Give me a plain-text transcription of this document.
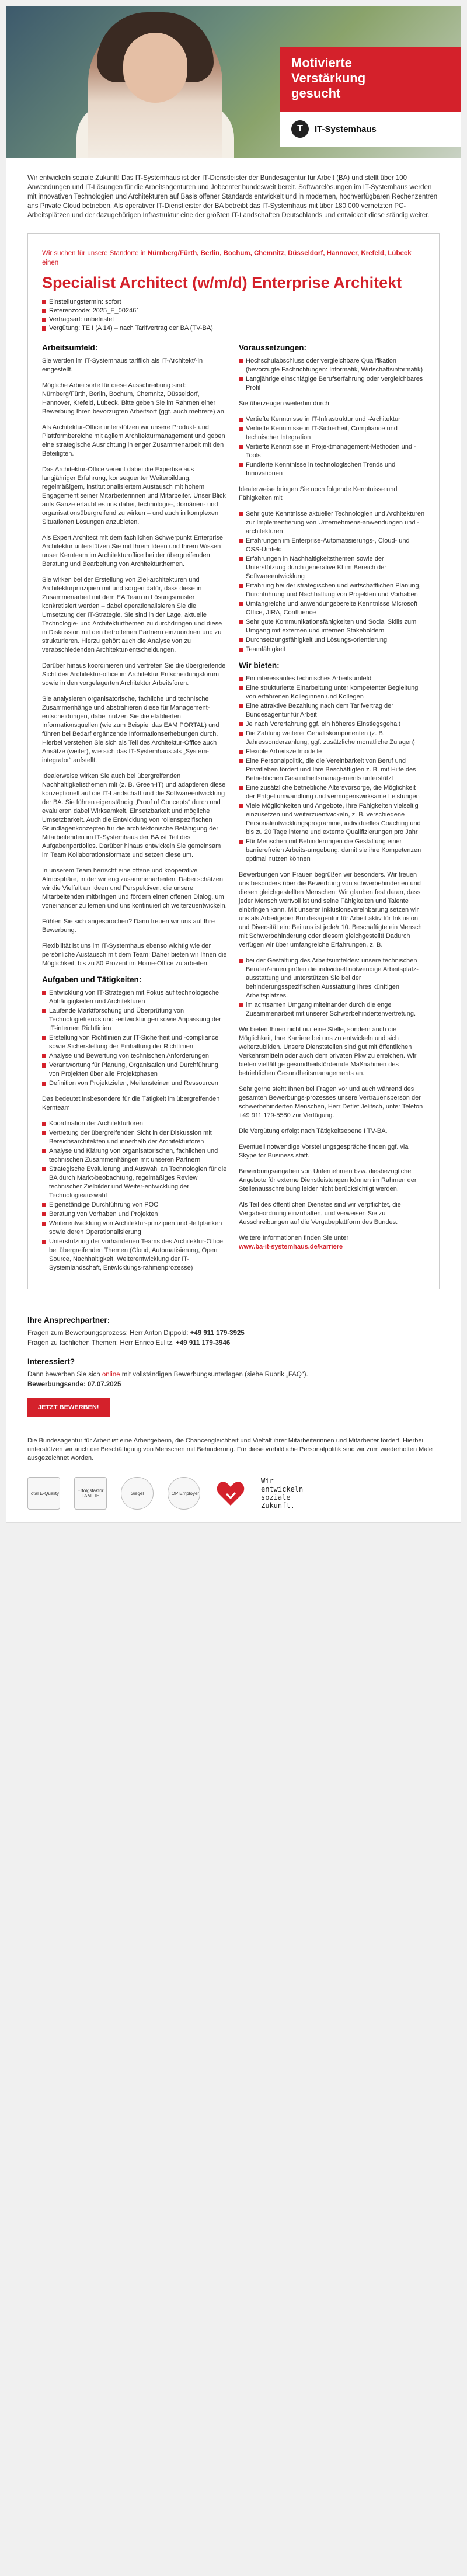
Motivierte
Verstärkung
gesucht
T	IT-Systemhaus
Wir entwickeln soziale Zukunft! Das IT-Systemhaus ist der IT-Dienstleister der Bundesagentur für Arbeit (BA) und stellt über 100 Anwendungen und IT-Lösungen für die Arbeitsagenturen und Jobcenter bundesweit bereit. Softwarelösungen im IT-Systemhaus werden mit innovativen Technologien und Architekturen auf Basis offener Standards entwickelt und in modernen, hochverfügbaren Rechenzentren ans Private Cloud betrieben. Als operativer IT-Dienstleister der BA betreibt das IT-Systemhaus mit über 180.000 vernetzten PC-Arbeitsplätzen und der dazugehörigen Infrastruktur eine der größten IT-Landschaften Deutschlands und entwickelt diese ständig weiter.
Wir suchen für unsere Standorte in Nürnberg/Fürth, Berlin, Bochum, Chemnitz, Düsseldorf, Hannover, Krefeld, Lübeck einen
Specialist Architect (w/m/d) Enterprise Architekt
Einstellungstermin: sofort
Referenzcode: 2025_E_002461
Vertragsart: unbefristet
Vergütung: TE I (A 14) – nach Tarifvertrag der BA (TV-BA)
Arbeitsumfeld:

Sie werden im IT-Systemhaus tariflich als IT-Architekt/-in eingestellt.

Mögliche Arbeitsorte für diese Ausschreibung sind: Nürnberg/Fürth, Berlin, Bochum, Chemnitz, Düsseldorf, Hannover, Krefeld, Lübeck. Bitte geben Sie im Rahmen einer Bewerbung Ihren bevorzugten Arbeitsort (ggf. auch mehrere) an.

Als Architektur-Office unterstützen wir unsere Produkt- und Plattformbereiche mit agilem Architekturmanagement und geben eine strategische Ausrichtung in enger Zusammenarbeit mit den Beteiligten.

Das Architektur-Office vereint dabei die Expertise aus langjähriger Erfahrung, konsequenter Weiterbildung, regelmäßigem, institutionalisiertem Austausch mit hohem Engagement seiner Mitarbeiterinnen und Mitarbeiter. Unser Blick aufs Ganze erlaubt es uns dabei, technologie-, domänen- und organisationsübergreifend zu wirken – und auch in komplexen Situationen Lösungen anzubieten.

Als Expert Architect mit dem fachlichen Schwerpunkt Enterprise Architektur unterstützen Sie mit Ihrem Ideen und Ihrem Wissen unser Kernteam im Architekturoffice bei der übergreifenden Beratung und Bearbeitung von Architekturthemen.

Sie wirken bei der Erstellung von Ziel-architekturen und Architekturprinzipien mit und sorgen dafür, dass diese in Zusammenarbeit mit dem EA Team in Lösungsmuster konkretisiert werden – dabei operationalisieren Sie die Umsetzung der IT-Strategie. Sie sind in der Lage, aktuelle Technologie- und Architekturthemen zu durchdringen und diese in Diskussion mit den betroffenen Partnern einzuordnen und zu strukturieren. Hierzu gehört auch die Analyse von zu verabschiedenden Architektur-entscheidungen.

Darüber hinaus koordinieren und vertreten Sie die übergreifende Sicht des Architektur-office im Architektur Entscheidungsforum sowie in den vorgelagerten Architektur Arbeitsforen.

Sie analysieren organisatorische, fachliche und technische Zusammenhänge und abstrahieren diese für Management-entscheidungen, dabei nutzen Sie die etablierten Informationsquellen (wie zum Beispiel das EAM PORTAL) und führen bei Bedarf ergänzende Informationserhebungen durch. Hierbei verstehen Sie sich als Teil des Architektur-Office auch Ansätze (weiter), wie sich das IT-Systemhaus als „System-integrator“ aufstellt.

Idealerweise wirken Sie auch bei übergreifenden Nachhaltigkeitsthemen mit (z. B. Green-IT) und adaptieren diese konzeptionell auf die IT-Landschaft und die Softwareentwicklung der BA. Sie führen eigenständig „Proof of Concepts“ durch und evaluieren dabei Wirksamkeit, Einsetzbarkeit und mögliche Umsetzbarkeit. Auch die Entwicklung von rollenspezifischen Grundlagenkonzepten für die architektonische Befähigung der Mitarbeitenden im IT-Systemhaus der BA ist Teil des Aufgabenportfolios. Darüber hinaus entwickeln Sie gemeinsam im Team Kollaborationsformate und setzen diese um.

In unserem Team herrscht eine offene und kooperative Atmosphäre, in der wir eng zusammenarbeiten. Dabei schätzen wir die Vielfalt an Ideen und Perspektiven, die unsere Mitarbeitenden mitbringen und fördern einen offenen Dialog, um voneinander zu lernen und uns kontinuierlich weiterzuentwickeln.

Fühlen Sie sich angesprochen? Dann freuen wir uns auf Ihre Bewerbung.

Flexibilität ist uns im IT-Systemhaus ebenso wichtig wie der persönliche Austausch mit dem Team: Daher bieten wir Ihnen die Möglichkeit, bis zu 80 Prozent im Home-Office zu arbeiten.

Aufgaben und Tätigkeiten:
Entwicklung von IT-Strategien mit Fokus auf technologische Abhängigkeiten und Architekturen
Laufende Marktforschung und Überprüfung von Technologietrends und -entwicklungen sowie Anpassung der IT-internen Richtlinien
Erstellung von Richtlinien zur IT-Sicherheit und -compliance sowie Sicherstellung der Einhaltung der Richtlinien
Analyse und Bewertung von technischen Anforderungen
Verantwortung für Planung, Organisation und Durchführung von Projekten über alle Projektphasen
Definition von Projektzielen, Meilensteinen und Ressourcen

Das bedeutet insbesondere für die Tätigkeit im übergreifenden Kernteam

Koordination der Architekturforen
Vertretung der übergreifenden Sicht in der Diskussion mit Bereichsarchitekten und innerhalb der Architekturforen
Analyse und Klärung von organisatorischen, fachlichen und technischen Zusammenhängen mit unseren Partnern
Strategische Evaluierung und Auswahl an Technologien für die BA durch Markt-beobachtung, regelmäßiges Review technischer Zielbilder und Weiter-entwicklung der Technologieauswahl
Eigenständige Durchführung von POC
Beratung von Vorhaben und Projekten
Weiterentwicklung von Architektur-prinzipien und -leitplanken sowie deren Operationalisierung
Unterstützung der vorhandenen Teams des Architektur-Office bei übergreifenden Themen (Cloud, Automatisierung, Open Source, Nachhaltigkeit, Weiterentwicklung der IT-Systemlandschaft, Entwicklungs-rahmenprozesse)
Voraussetzungen:
Hochschulabschluss oder vergleichbare Qualifikation (bevorzugte Fachrichtungen: Informatik, Wirtschaftsinformatik)
Langjährige einschlägige Berufserfahrung oder vergleichbares Profil

Sie überzeugen weiterhin durch

Vertiefte Kenntnisse in IT-Infrastruktur und -Architektur
Vertiefte Kenntnisse in IT-Sicherheit, Compliance und technischer Integration
Vertiefte Kenntnisse in Projektmanagement-Methoden und -Tools
Fundierte Kenntnisse in technologischen Trends und Innovationen

Idealerweise bringen Sie noch folgende Kenntnisse und Fähigkeiten mit

Sehr gute Kenntnisse aktueller Technologien und Architekturen zur Implementierung von Unternehmens-anwendungen und -architekturen
Erfahrungen im Enterprise-Automatisierungs-, Cloud- und OSS-Umfeld
Erfahrungen in Nachhaltigkeitsthemen sowie der Unterstützung durch generative KI im Bereich der Softwareentwicklung
Erfahrung bei der strategischen und wirtschaftlichen Planung, Durchführung und Nachhaltung von Projekten und Vorhaben
Umfangreiche und anwendungsbereite Kenntnisse Microsoft Office, JIRA, Confluence
Sehr gute Kommunikationsfähigkeiten und Social Skills zum Umgang mit externen und internen Stakeholdern
Durchsetzungsfähigkeit und Lösungs-orientierung
Teamfähigkeit
Wir bieten:
Ein interessantes technisches Arbeitsumfeld
Eine strukturierte Einarbeitung unter kompetenter Begleitung von erfahrenen Kolleginnen und Kollegen
Eine attraktive Bezahlung nach dem Tarifvertrag der Bundesagentur für Arbeit
Je nach Vorerfahrung ggf. ein höheres Einstiegsgehalt
Die Zahlung weiterer Gehaltskomponenten (z. B. Jahressonderzahlung, ggf. zusätzliche monatliche Zulagen)
Flexible Arbeitszeitmodelle
Eine Personalpolitik, die die Vereinbarkeit von Beruf und Privatleben fördert und Ihre Beschäftigten z. B. mit Hilfe des Betrieblichen Gesundheitsmanagements unterstützt
Eine zusätzliche betriebliche Altersvorsorge, die Möglichkeit der Entgeltumwandlung und vermögenswirksame Leistungen
Viele Möglichkeiten und Angebote, Ihre Fähigkeiten vielseitig einzusetzen und weiterzuentwickeln, z. B. verschiedene Personalentwicklungsprogramme, individuelles Coaching und bis zu 20 Tage interne und externe Qualifizierungen pro Jahr
Für Menschen mit Behinderungen die Gestaltung einer barrierefreien Arbeits-umgebung, damit sie ihre Kompetenzen optimal nutzen können

Bewerbungen von Frauen begrüßen wir besonders. Wir freuen uns besonders über die Bewerbung von schwerbehinderten und diesen gleichgestellten Menschen: Wir glauben fest daran, dass jeder Mensch wertvoll ist und seine Fähigkeiten und Talente einbringen kann. Mit unserer Inklusionsvereinbarung setzen wir uns als Arbeitgeber Bundesagentur für Arbeit aktiv für Inklusion und Diversität ein: Bei uns ist jede/r 10. Beschäftigte ein Mensch mit Schwerbehinderung oder diesem gleichgestellt! Dadurch verfügen wir über umfangreiche Erfahrungen, z. B.

bei der Gestaltung des Arbeitsumfeldes: unsere technischen Berater/-innen prüfen die individuell notwendige Arbeitsplatz-ausstattung und unterstützen Sie bei der behinderungsspezifischen Ausstattung Ihres künftigen Arbeitsplatzes.
im achtsamen Umgang miteinander durch die enge Zusammenarbeit mit unserer Schwerbehindertenvertretung.

Wir bieten Ihnen nicht nur eine Stelle, sondern auch die Möglichkeit, Ihre Karriere bei uns zu entwickeln und sich weiterzubilden. Unsere Dienststellen sind gut mit öffentlichen Verkehrsmitteln oder auch dem privaten Pkw zu erreichen. Wir bieten vielfältige gesundheitsfördernde Maßnahmen des betrieblichen Gesundheitsmanagements an.

Sehr gerne steht Ihnen bei Fragen vor und auch während des gesamten Bewerbungs-prozesses unsere Vertrauensperson der schwerbehinderten Menschen, Herr Detlef Jelitsch, unter Telefon +49 911 179-5580 zur Verfügung.

Die Vergütung erfolgt nach Tätigkeitsebene I TV-BA.

Eventuell notwendige Vorstellungsgespräche finden ggf. via Skype for Business statt.

Bewerbungsangaben von Unternehmen bzw. diesbezügliche Angebote für externe Dienstleistungen können im Rahmen der Stellenausschreibung leider nicht berücksichtigt werden.

Als Teil des öffentlichen Dienstes sind wir verpflichtet, die Vergabeordnung einzuhalten, und verweisen Sie zu Ausschreibungen auf die Vergabeplattform des Bundes.

Weitere Informationen finden Sie unter
www.ba-it-systemhaus.de/karriere

Ihre Ansprechpartner:
Fragen zum Bewerbungsprozess: Herr Anton Dippold: +49 911 179-3925
Fragen zu fachlichen Themen: Herr Enrico Eulitz, +49 911 179-3946
Interessiert?
Dann bewerben Sie sich online mit vollständigen Bewerbungsunterlagen (siehe Rubrik „FAQ“).
Bewerbungsende: 07.07.2025
JETZT BEWERBEN!
Die Bundesagentur für Arbeit ist eine Arbeitgeberin, die Chancengleichheit und Vielfalt ihrer Mitarbeiterinnen und Mitarbeiter fördert. Hierbei unterstützen wir auch die Beschäftigung von Menschen mit Behinderung. Für diese vorbildliche Personalpolitik sind wir zum wiederholten Male ausgezeichnet worden.
Total E-Quality	Erfolgsfaktor FAMILIE	Siegel	TOP Employer
Wir
entwickeln
soziale
Zukunft.
